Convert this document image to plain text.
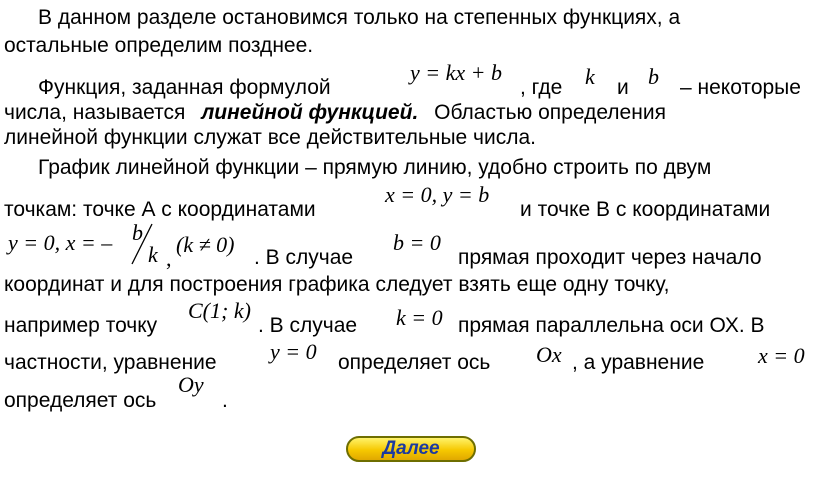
В данном разделе остановимся только на степенных функциях, а
остальные определим позднее.
Функция, заданная формулой
y = kx + b
, где k и b – некоторые
числа, называется линейной функцией. Областью определения
линейной функции служат все действительные числа.
График линейной функции – прямую линию, удобно строить по двум
точкам: точке А с координатами
x = 0, y = b
и точке В с координатами
y = 0, x = – b
k ,
(k ≠ 0)
. В случае
b = 0
прямая проходит через начало
координат и для построения графика следует взять еще одну точку,
например точку
C(1; k)
. В случае k = 0 прямая параллельна оси ОХ. В
частности, уравнение y = 0 определяет ось Ox , а уравнение x = 0
определяет ось
Oy
.
Далее
